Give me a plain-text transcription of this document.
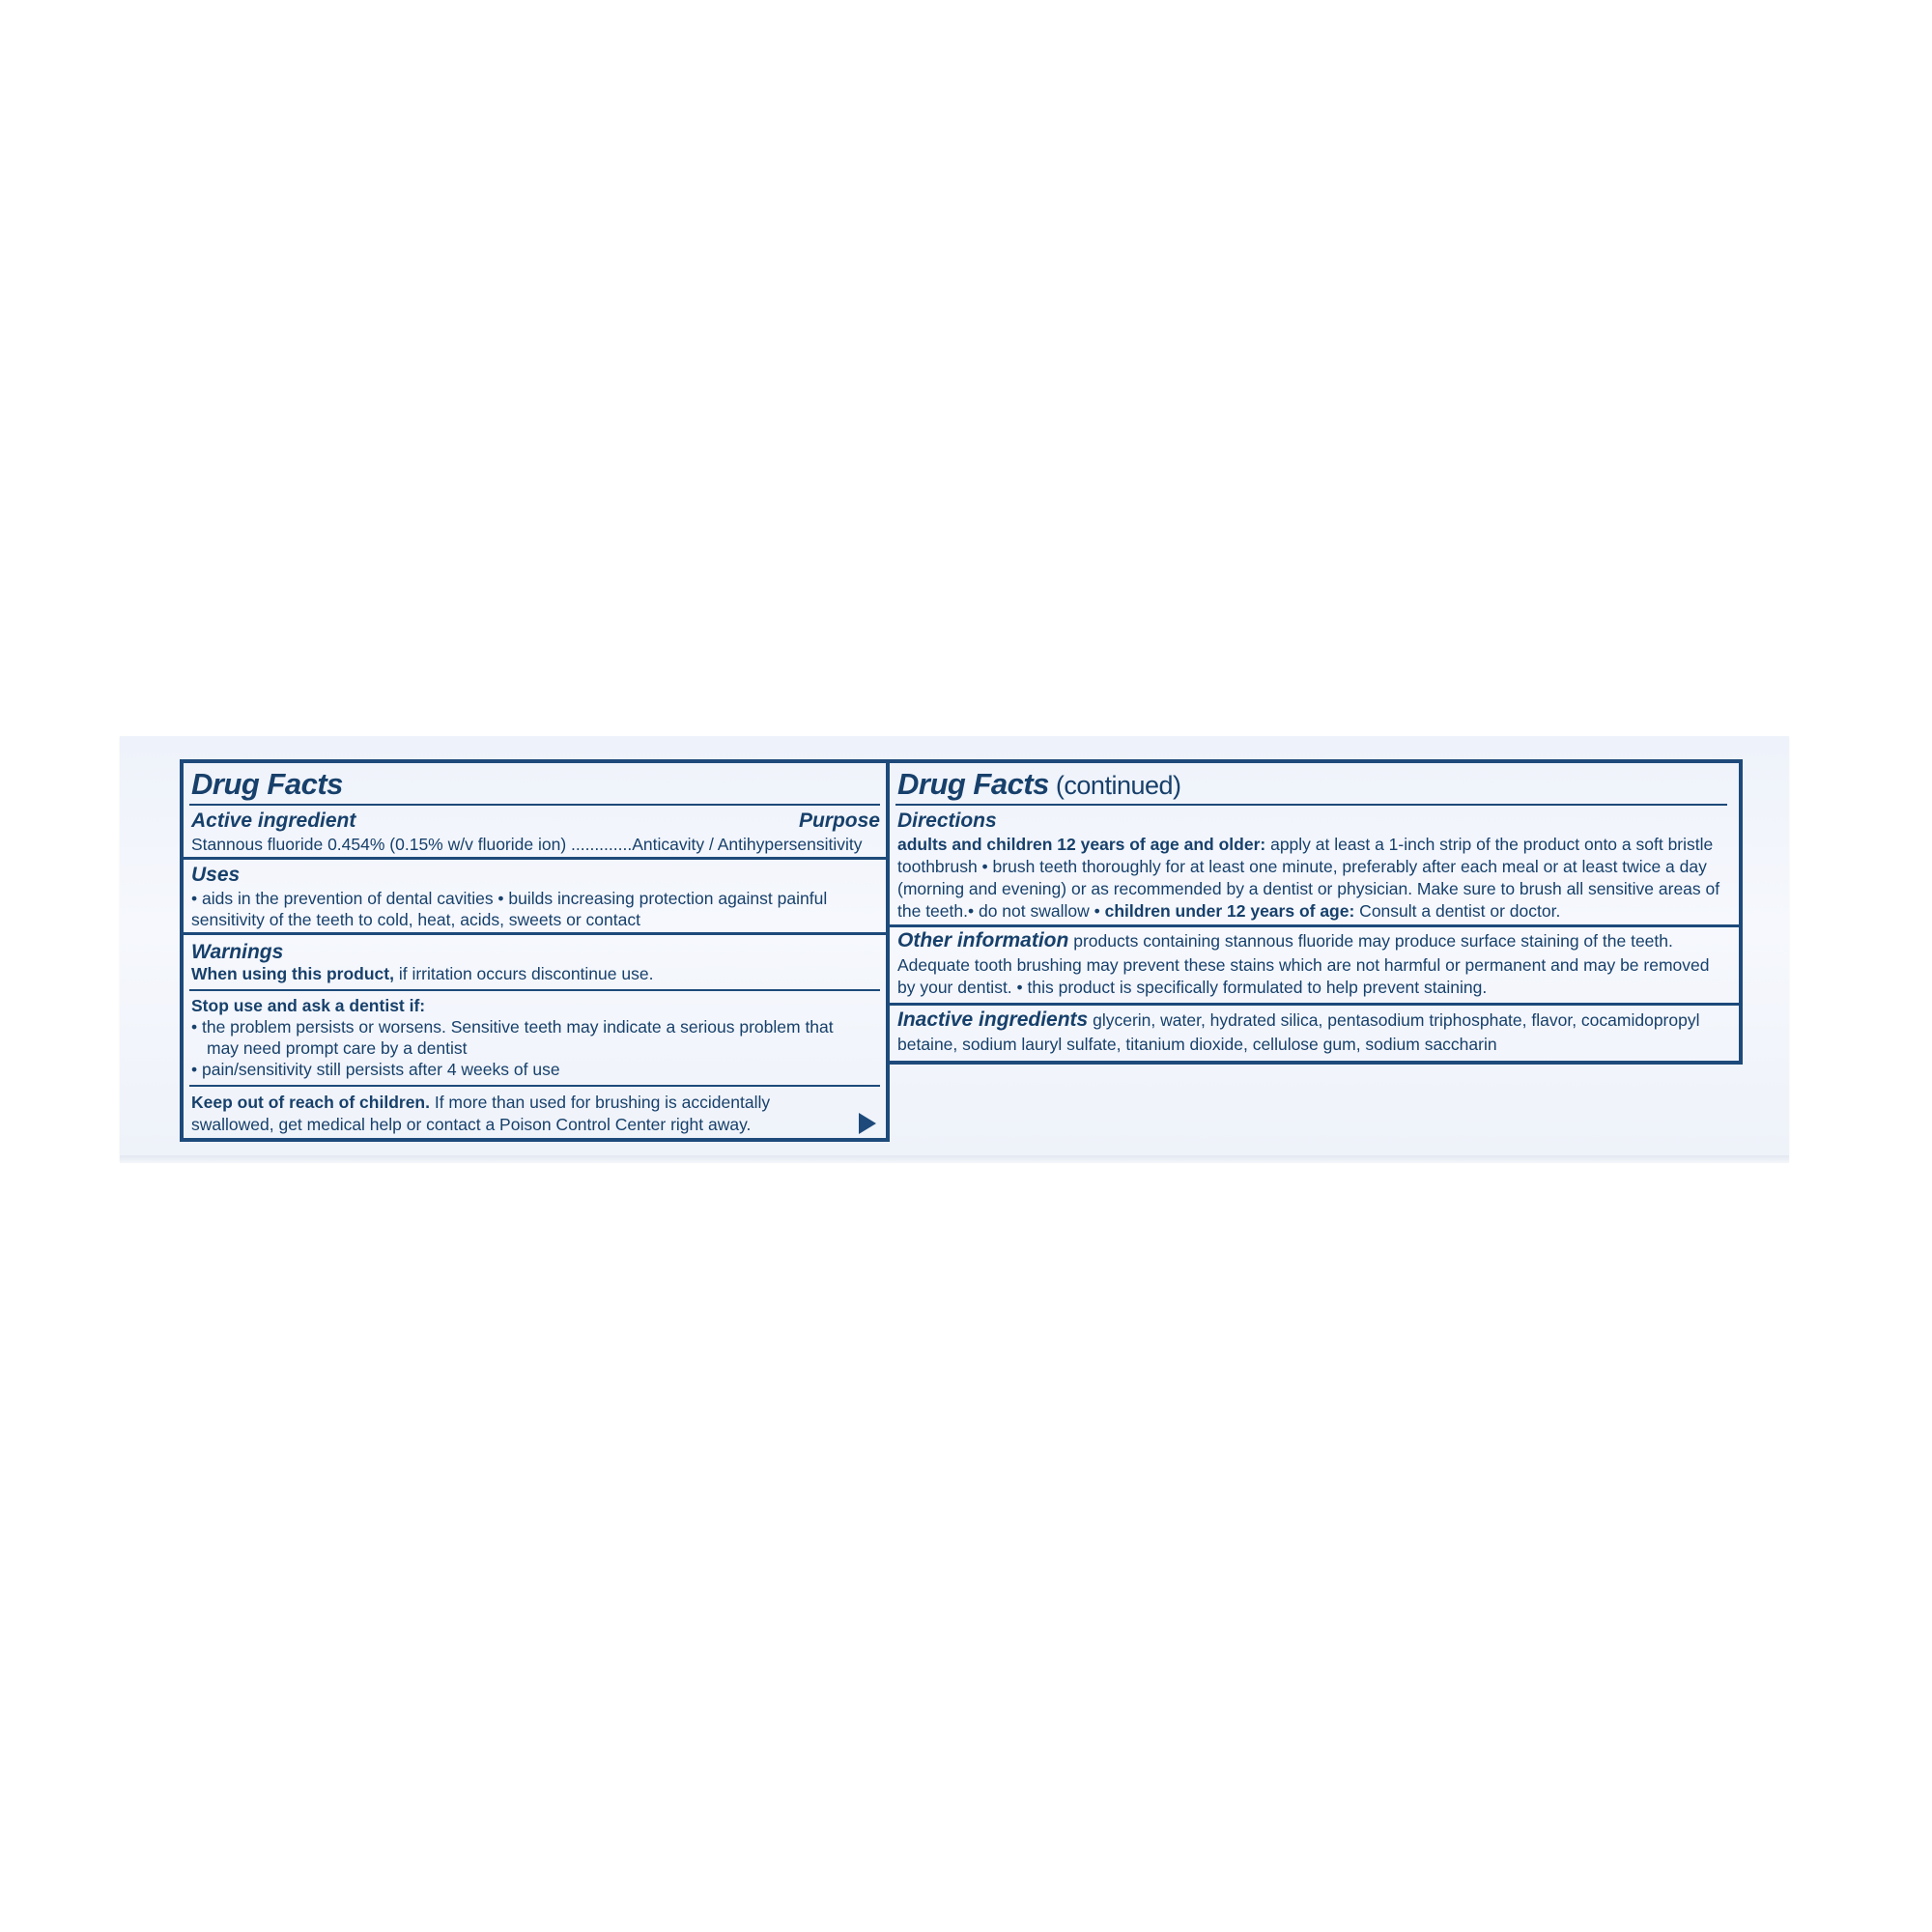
Drug Facts
Active ingredient	Purpose
Stannous fluoride 0.454% (0.15% w/v fluoride ion) .............Anticavity / Antihypersensitivity
Uses
• aids in the prevention of dental cavities • builds increasing protection against painful
sensitivity of the teeth to cold, heat, acids, sweets or contact
Warnings
When using this product, if irritation occurs discontinue use.
Stop use and ask a dentist if:
• the problem persists or worsens. Sensitive teeth may indicate a serious problem that
may need prompt care by a dentist
• pain/sensitivity still persists after 4 weeks of use
Keep out of reach of children. If more than used for brushing is accidentally
swallowed, get medical help or contact a Poison Control Center right away.
Drug Facts (continued)
Directions
adults and children 12 years of age and older: apply at least a 1-inch strip of the product onto a soft bristle
toothbrush • brush teeth thoroughly for at least one minute, preferably after each meal or at least twice a day
(morning and evening) or as recommended by a dentist or physician. Make sure to brush all sensitive areas of
the teeth.• do not swallow • children under 12 years of age: Consult a dentist or doctor.
Other information products containing stannous fluoride may produce surface staining of the teeth.
Adequate tooth brushing may prevent these stains which are not harmful or permanent and may be removed
by your dentist. • this product is specifically formulated to help prevent staining.
Inactive ingredients glycerin, water, hydrated silica, pentasodium triphosphate, flavor, cocamidopropyl
betaine, sodium lauryl sulfate, titanium dioxide, cellulose gum, sodium saccharin
